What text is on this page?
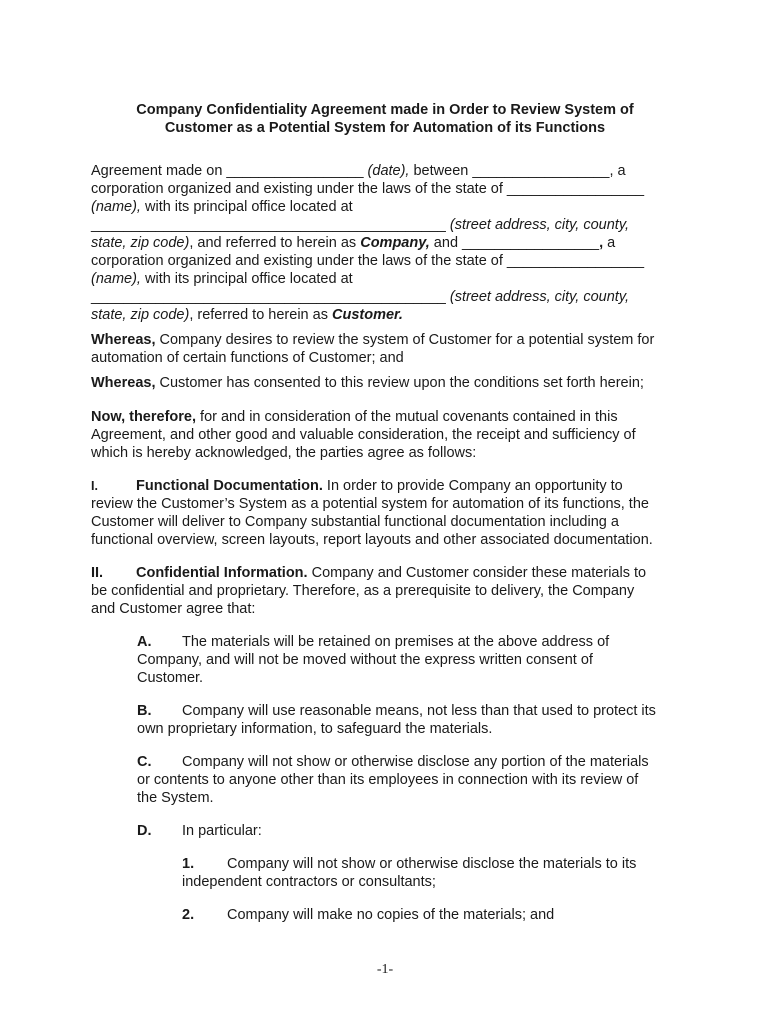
Company Confidentiality Agreement made in Order to Review System of
Customer as a Potential System for Automation of its Functions
Agreement made on _________________ (date), between _________________, a
corporation organized and existing under the laws of the state of _________________
(name), with its principal office located at
____________________________________________ (street address, city, county,
state, zip code), and referred to herein as Company, and _________________, a
corporation organized and existing under the laws of the state of _________________
(name), with its principal office located at
____________________________________________ (street address, city, county,
state, zip code), referred to herein as Customer.
Whereas, Company desires to review the system of Customer for a potential system for
automation of certain functions of Customer; and
Whereas, Customer has consented to this review upon the conditions set forth herein;
Now, therefore, for and in consideration of the mutual covenants contained in this
Agreement, and other good and valuable consideration, the receipt and sufficiency of
which is hereby acknowledged, the parties agree as follows:
I.	Functional Documentation. In order to provide Company an opportunity to
review the Customer’s System as a potential system for automation of its functions, the
Customer will deliver to Company substantial functional documentation including a
functional overview, screen layouts, report layouts and other associated documentation.
II. Confidential Information. Company and Customer consider these materials to
be confidential and proprietary. Therefore, as a prerequisite to delivery, the Company
and Customer agree that:
A. The materials will be retained on premises at the above address of
Company, and will not be moved without the express written consent of
Customer.
B. Company will use reasonable means, not less than that used to protect its
own proprietary information, to safeguard the materials.
C. Company will not show or otherwise disclose any portion of the materials
or contents to anyone other than its employees in connection with its review of
the System.
D. In particular:
1. Company will not show or otherwise disclose the materials to its
independent contractors or consultants;
2. Company will make no copies of the materials; and
-1-
